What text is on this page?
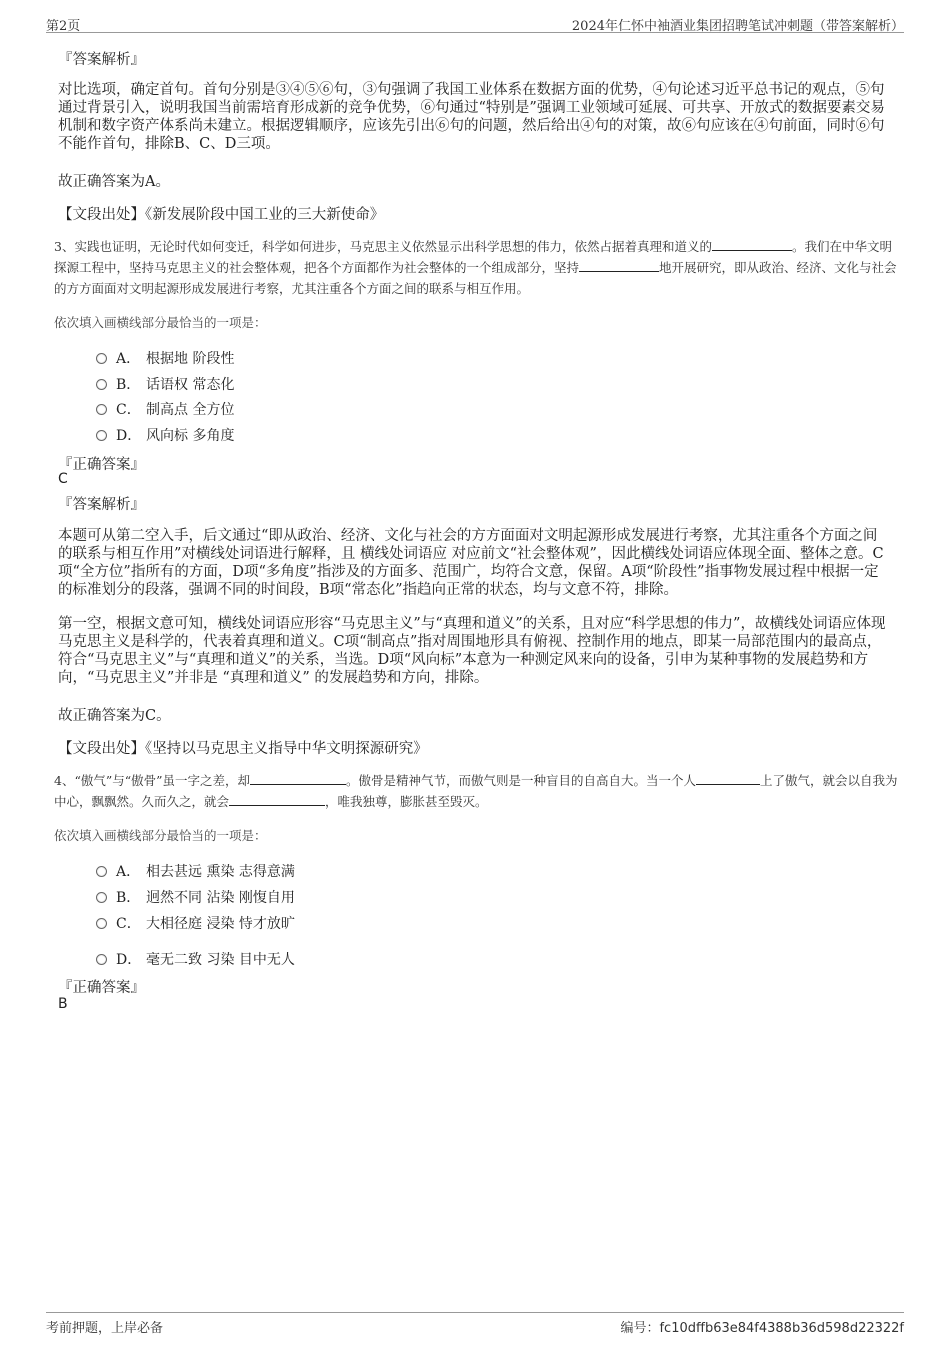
第2页	2024年仁怀中袖酒业集团招聘笔试冲刺题（带答案解析）
『答案解析』
对比选项，确定首句。首句分别是③④⑤⑥句，③句强调了我国工业体系在数据方面的优势，④句论述习近平总书记的观点，⑤句通过背景引入，说明我国当前需培育形成新的竞争优势，⑥句通过“特别是”强调工业领域可延展、可共享、开放式的数据要素交易机制和数字资产体系尚未建立。根据逻辑顺序，应该先引出⑥句的问题，然后给出④句的对策，故⑥句应该在④句前面，同时⑥句不能作首句，排除B、C、D三项。
故正确答案为A。
【文段出处】《新发展阶段中国工业的三大新使命》
3、实践也证明，无论时代如何变迁，科学如何进步，马克思主义依然显示出科学思想的伟力，依然占据着真理和道义的	。我们在中华文明探源工程中，坚持马克思主义的社会整体观，把各个方面都作为社会整体的一个组成部分，坚持	地开展研究，即从政治、经济、文化与社会的方方面面对文明起源形成发展进行考察，尤其注重各个方面之间的联系与相互作用。
依次填入画横线部分最恰当的一项是：
A． 根据地 阶段性
B． 话语权 常态化
C． 制高点 全方位
D． 风向标 多角度
『正确答案』
C
『答案解析』
本题可从第二空入手，后文通过“即从政治、经济、文化与社会的方方面面对文明起源形成发展进行考察，尤其注重各个方面之间的联系与相互作用”对横线处词语进行解释，且 横线处词语应 对应前文“社会整体观”，因此横线处词语应体现全面、整体之意。C项“全方位”指所有的方面，D项“多角度”指涉及的方面多、范围广，均符合文意，保留。A项“阶段性”指事物发展过程中根据一定的标准划分的段落，强调不同的时间段，B项“常态化”指趋向正常的状态，均与文意不符，排除。
第一空，根据文意可知，横线处词语应形容“马克思主义”与“真理和道义”的关系，且对应“科学思想的伟力”，故横线处词语应体现马克思主义是科学的，代表着真理和道义。C项“制高点”指对周围地形具有俯视、控制作用的地点，即某一局部范围内的最高点，符合“马克思主义”与“真理和道义”的关系，当选。D项“风向标”本意为一种测定风来向的设备，引申为某种事物的发展趋势和方向，“马克思主义”并非是 “真理和道义” 的发展趋势和方向，排除。
故正确答案为C。
【文段出处】《坚持以马克思主义指导中华文明探源研究》
4、“傲气”与“傲骨”虽一字之差，却	。傲骨是精神气节，而傲气则是一种盲目的自高自大。当一个人	上了傲气，就会以自我为中心，飘飘然。久而久之，就会	，唯我独尊，膨胀甚至毁灭。
依次填入画横线部分最恰当的一项是：
A． 相去甚远 熏染 志得意满
B． 迥然不同 沾染 刚愎自用
C． 大相径庭 浸染 恃才放旷
D． 毫无二致 习染 目中无人
『正确答案』
B
考前押题，上岸必备	编号：fc10dffb63e84f4388b36d598d22322f
